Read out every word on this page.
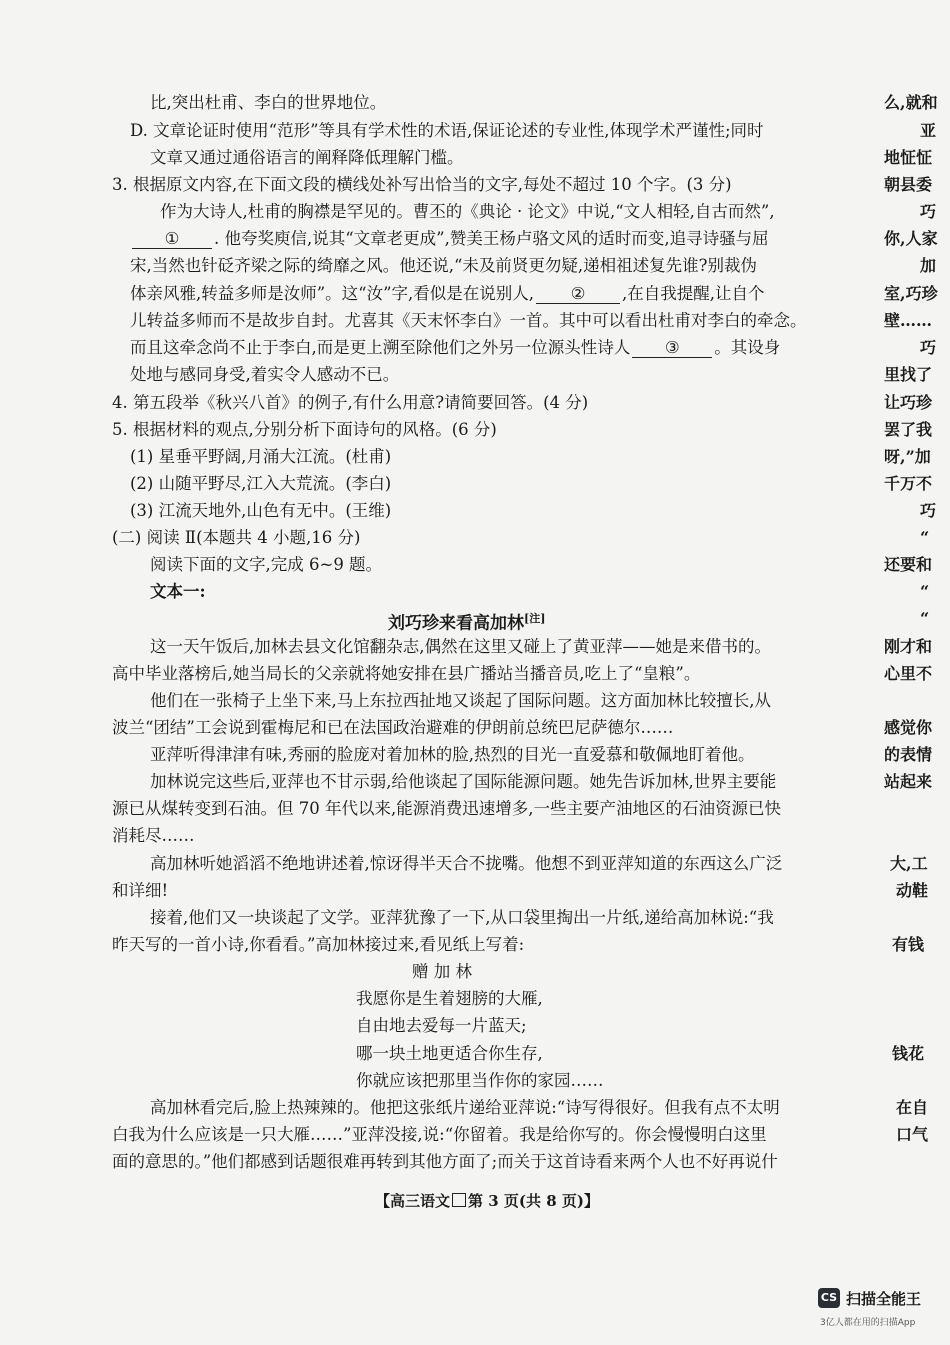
比,突出杜甫、李白的世界地位。
D. 文章论证时使用“范形”等具有学术性的术语,保证论述的专业性,体现学术严谨性;同时
文章又通过通俗语言的阐释降低理解门槛。
3. 根据原文内容,在下面文段的横线处补写出恰当的文字,每处不超过 10 个字。(3 分)
作为大诗人,杜甫的胸襟是罕见的。曹丕的《典论 · 论文》中说,“文人相轻,自古而然”,
① . 他夸奖庾信,说其“文章老更成”,赞美王杨卢骆文风的适时而变,追寻诗骚与屈
宋,当然也针砭齐梁之际的绮靡之风。他还说,“未及前贤更勿疑,递相祖述复先谁?别裁伪
体亲风雅,转益多师是汝师”。这“汝”字,看似是在说别人, ② ,在自我提醒,让自个
儿转益多师而不是故步自封。尤喜其《天末怀李白》一首。其中可以看出杜甫对李白的牵念。
而且这牵念尚不止于李白,而是更上溯至除他们之外另一位源头性诗人 ③ 。其设身
处地与感同身受,着实令人感动不已。
4. 第五段举《秋兴八首》的例子,有什么用意?请简要回答。(4 分)
5. 根据材料的观点,分别分析下面诗句的风格。(6 分)
(1) 星垂平野阔,月涌大江流。(杜甫)
(2) 山随平野尽,江入大荒流。(李白)
(3) 江流天地外,山色有无中。(王维)
(二) 阅读 Ⅱ(本题共 4 小题,16 分)
阅读下面的文字,完成 6~9 题。
文本一:
刘巧珍来看高加林[注]
这一天午饭后,加林去县文化馆翻杂志,偶然在这里又碰上了黄亚萍——她是来借书的。
高中毕业落榜后,她当局长的父亲就将她安排在县广播站当播音员,吃上了“皇粮”。
他们在一张椅子上坐下来,马上东拉西扯地又谈起了国际问题。这方面加林比较擅长,从
波兰“团结”工会说到霍梅尼和已在法国政治避难的伊朗前总统巴尼萨德尔……
亚萍听得津津有味,秀丽的脸庞对着加林的脸,热烈的目光一直爱慕和敬佩地盯着他。
加林说完这些后,亚萍也不甘示弱,给他谈起了国际能源问题。她先告诉加林,世界主要能
源已从煤转变到石油。但 70 年代以来,能源消费迅速增多,一些主要产油地区的石油资源已快
消耗尽……
高加林听她滔滔不绝地讲述着,惊讶得半天合不拢嘴。他想不到亚萍知道的东西这么广泛
和详细!
接着,他们又一块谈起了文学。亚萍犹豫了一下,从口袋里掏出一片纸,递给高加林说:“我
昨天写的一首小诗,你看看。”高加林接过来,看见纸上写着:
赠 加 林
我愿你是生着翅膀的大雁,
自由地去爱每一片蓝天;
哪一块土地更适合你生存,
你就应该把那里当作你的家园……
高加林看完后,脸上热辣辣的。他把这张纸片递给亚萍说:“诗写得很好。但我有点不太明
白我为什么应该是一只大雁……”亚萍没接,说:“你留着。我是给你写的。你会慢慢明白这里
面的意思的。”他们都感到话题很难再转到其他方面了;而关于这首诗看来两个人也不好再说什
【高三语文 第 3 页(共 8 页)】
么,就和
亚
地怔怔
朝县委
巧
你,人家
加
室,巧珍
壁……
巧
里找了
让巧珍
罢了我
呀,”加
千万不
巧
“
还要和
“
“
刚才和
心里不
感觉你
的表情
站起来
大,工
动鞋
有钱
钱花
在自
口气
CS 扫描全能王
3亿人都在用的扫描App
